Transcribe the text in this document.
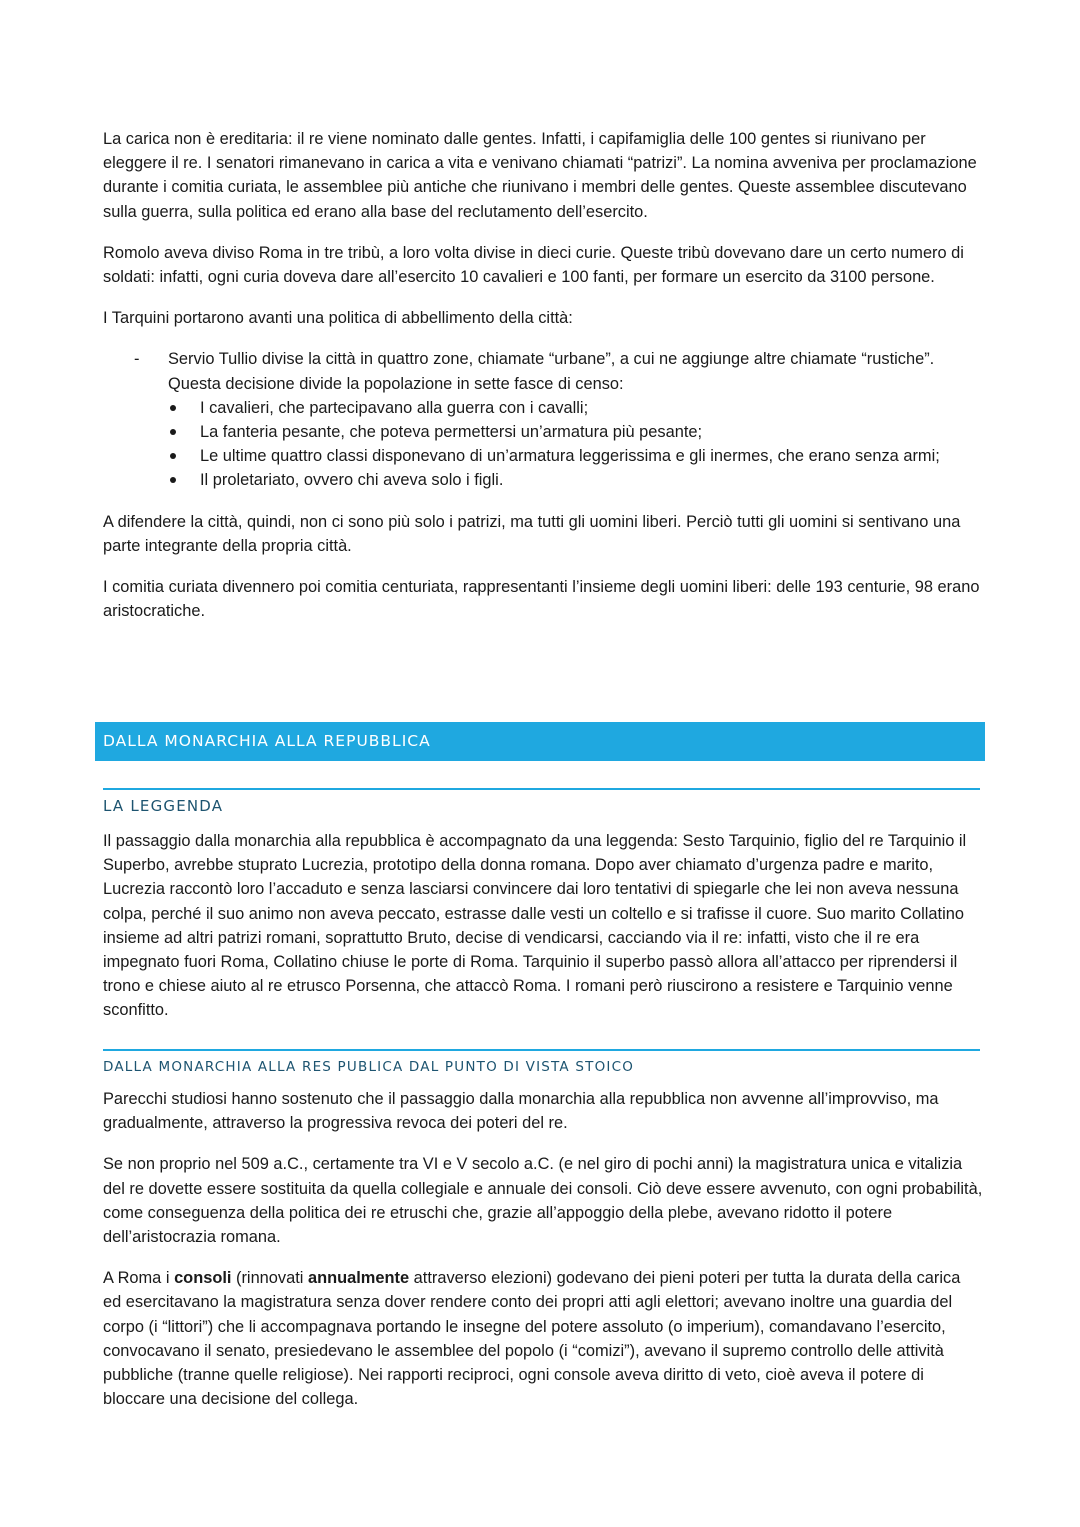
La carica non è ereditaria: il re viene nominato dalle gentes. Infatti, i capifamiglia delle 100 gentes si riunivano per eleggere il re. I senatori rimanevano in carica a vita e venivano chiamati “patrizi”. La nomina avveniva per proclamazione durante i comitia curiata, le assemblee più antiche che riunivano i membri delle gentes. Queste assemblee discutevano sulla guerra, sulla politica ed erano alla base del reclutamento dell’esercito.

Romolo aveva diviso Roma in tre tribù, a loro volta divise in dieci curie. Queste tribù dovevano dare un certo numero di soldati: infatti, ogni curia doveva dare all’esercito 10 cavalieri e 100 fanti, per formare un esercito da 3100 persone.

I Tarquini portarono avanti una politica di abbellimento della città:

- Servio Tullio divise la città in quattro zone, chiamate “urbane”, a cui ne aggiunge altre chiamate “rustiche”. Questa decisione divide la popolazione in sette fasce di censo:
I cavalieri, che partecipavano alla guerra con i cavalli;
La fanteria pesante, che poteva permettersi un’armatura più pesante;
Le ultime quattro classi disponevano di un’armatura leggerissima e gli inermes, che erano senza armi;
Il proletariato, ovvero chi aveva solo i figli.

A difendere la città, quindi, non ci sono più solo i patrizi, ma tutti gli uomini liberi. Perciò tutti gli uomini si sentivano una parte integrante della propria città.

I comitia curiata divennero poi comitia centuriata, rappresentanti l’insieme degli uomini liberi: delle 193 centurie, 98 erano aristocratiche.

DALLA MONARCHIA ALLA REPUBBLICA
LA LEGGENDA

Il passaggio dalla monarchia alla repubblica è accompagnato da una leggenda: Sesto Tarquinio, figlio del re Tarquinio il Superbo, avrebbe stuprato Lucrezia, prototipo della donna romana. Dopo aver chiamato d’urgenza padre e marito, Lucrezia raccontò loro l’accaduto e senza lasciarsi convincere dai loro tentativi di spiegarle che lei non aveva nessuna colpa, perché il suo animo non aveva peccato, estrasse dalle vesti un coltello e si trafisse il cuore. Suo marito Collatino insieme ad altri patrizi romani, soprattutto Bruto, decise di vendicarsi, cacciando via il re: infatti, visto che il re era impegnato fuori Roma, Collatino chiuse le porte di Roma. Tarquinio il superbo passò allora all’attacco per riprendersi il trono e chiese aiuto al re etrusco Porsenna, che attaccò Roma. I romani però riuscirono a resistere e Tarquinio venne sconfitto.

DALLA MONARCHIA ALLA RES PUBLICA DAL PUNTO DI VISTA STOICO

Parecchi studiosi hanno sostenuto che il passaggio dalla monarchia alla repubblica non avvenne all’improvviso, ma gradualmente, attraverso la progressiva revoca dei poteri del re.

Se non proprio nel 509 a.C., certamente tra VI e V secolo a.C. (e nel giro di pochi anni) la magistratura unica e vitalizia del re dovette essere sostituita da quella collegiale e annuale dei consoli. Ciò deve essere avvenuto, con ogni probabilità, come conseguenza della politica dei re etruschi che, grazie all’appoggio della plebe, avevano ridotto il potere dell’aristocrazia romana.

A Roma i consoli (rinnovati annualmente attraverso elezioni) godevano dei pieni poteri per tutta la durata della carica ed esercitavano la magistratura senza dover rendere conto dei propri atti agli elettori; avevano inoltre una guardia del corpo (i “littori”) che li accompagnava portando le insegne del potere assoluto (o imperium), comandavano l’esercito, convocavano il senato, presiedevano le assemblee del popolo (i “comizi”), avevano il supremo controllo delle attività pubbliche (tranne quelle religiose). Nei rapporti reciproci, ogni console aveva diritto di veto, cioè aveva il potere di bloccare una decisione del collega.
